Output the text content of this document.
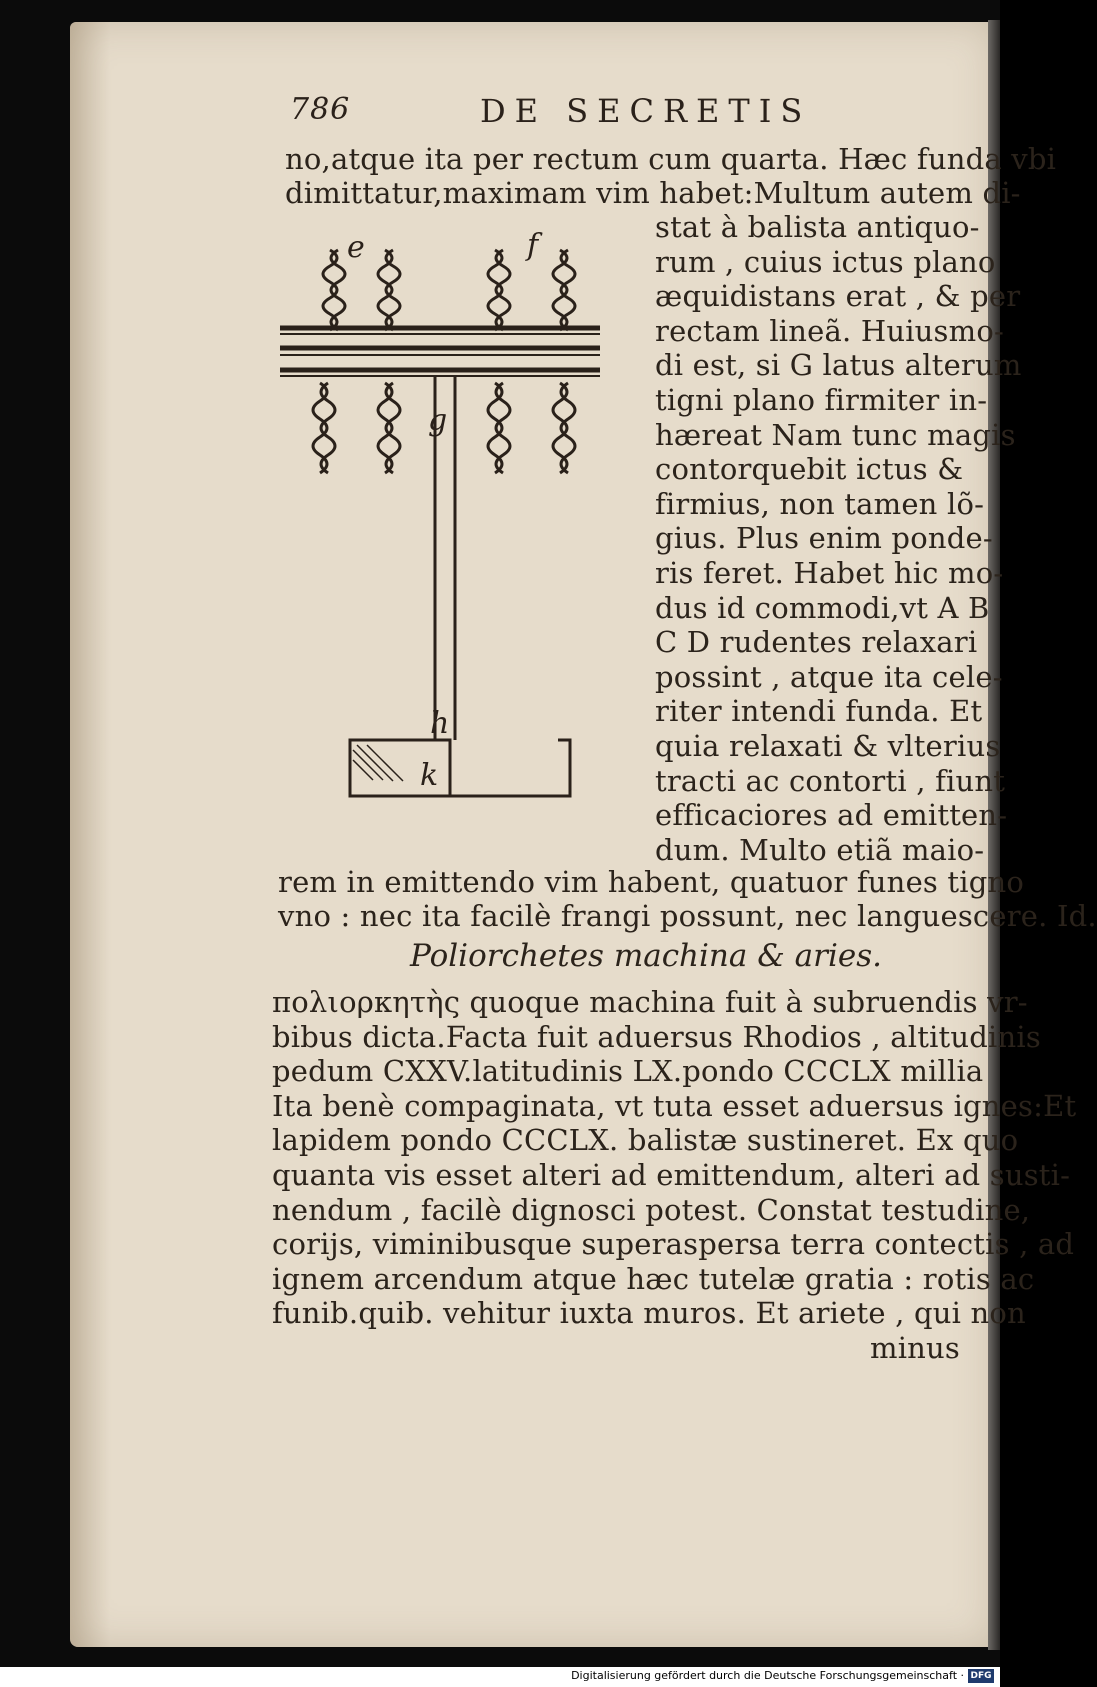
786	DE SECRETIS
no,atque ita per rectum cum quarta. Hæc funda vbi
dimittatur,maximam vim habet:Multum autem di-
stat à balista antiquo-
rum , cuius ictus plano
æquidistans erat , & per
rectam lineã. Huiusmo-
di est, si G latus alterum
tigni plano firmiter in-
hæreat Nam tunc magis
contorquebit ictus &
firmius, non tamen lõ-
gius. Plus enim ponde-
ris feret. Habet hic mo-
dus id commodi,vt A B
C D rudentes relaxari
possint , atque ita cele-
riter intendi funda. Et
quia relaxati & vlterius
tracti ac contorti , fiunt
efficaciores ad emitten-
dum. Multo etiã maio-
rem in emittendo vim habent, quatuor funes tigno
vno : nec ita facilè frangi possunt, nec languescere. Id.
πολιορκητὴς quoque machina fuit à subruendis vr-
bibus dicta.Facta fuit aduersus Rhodios , altitudinis
pedum CXXV.latitudinis LX.pondo CCCLX millia
Ita benè compaginata, vt tuta esset aduersus ignes:Et
lapidem pondo CCCLX. balistæ sustineret. Ex quo
quanta vis esset alteri ad emittendum, alteri ad susti-
nendum , facilè dignosci potest. Constat testudine,
corijs, viminibusque superaspersa terra contectis , ad
ignem arcendum atque hæc tutelæ gratia : rotis ac
funib.quib. vehitur iuxta muros. Et ariete , qui non
minus
Poliorchetes machina & aries.
e	f
g
h
k
Digitalisierung gefördert durch die Deutsche Forschungsgemeinschaft · DFG
